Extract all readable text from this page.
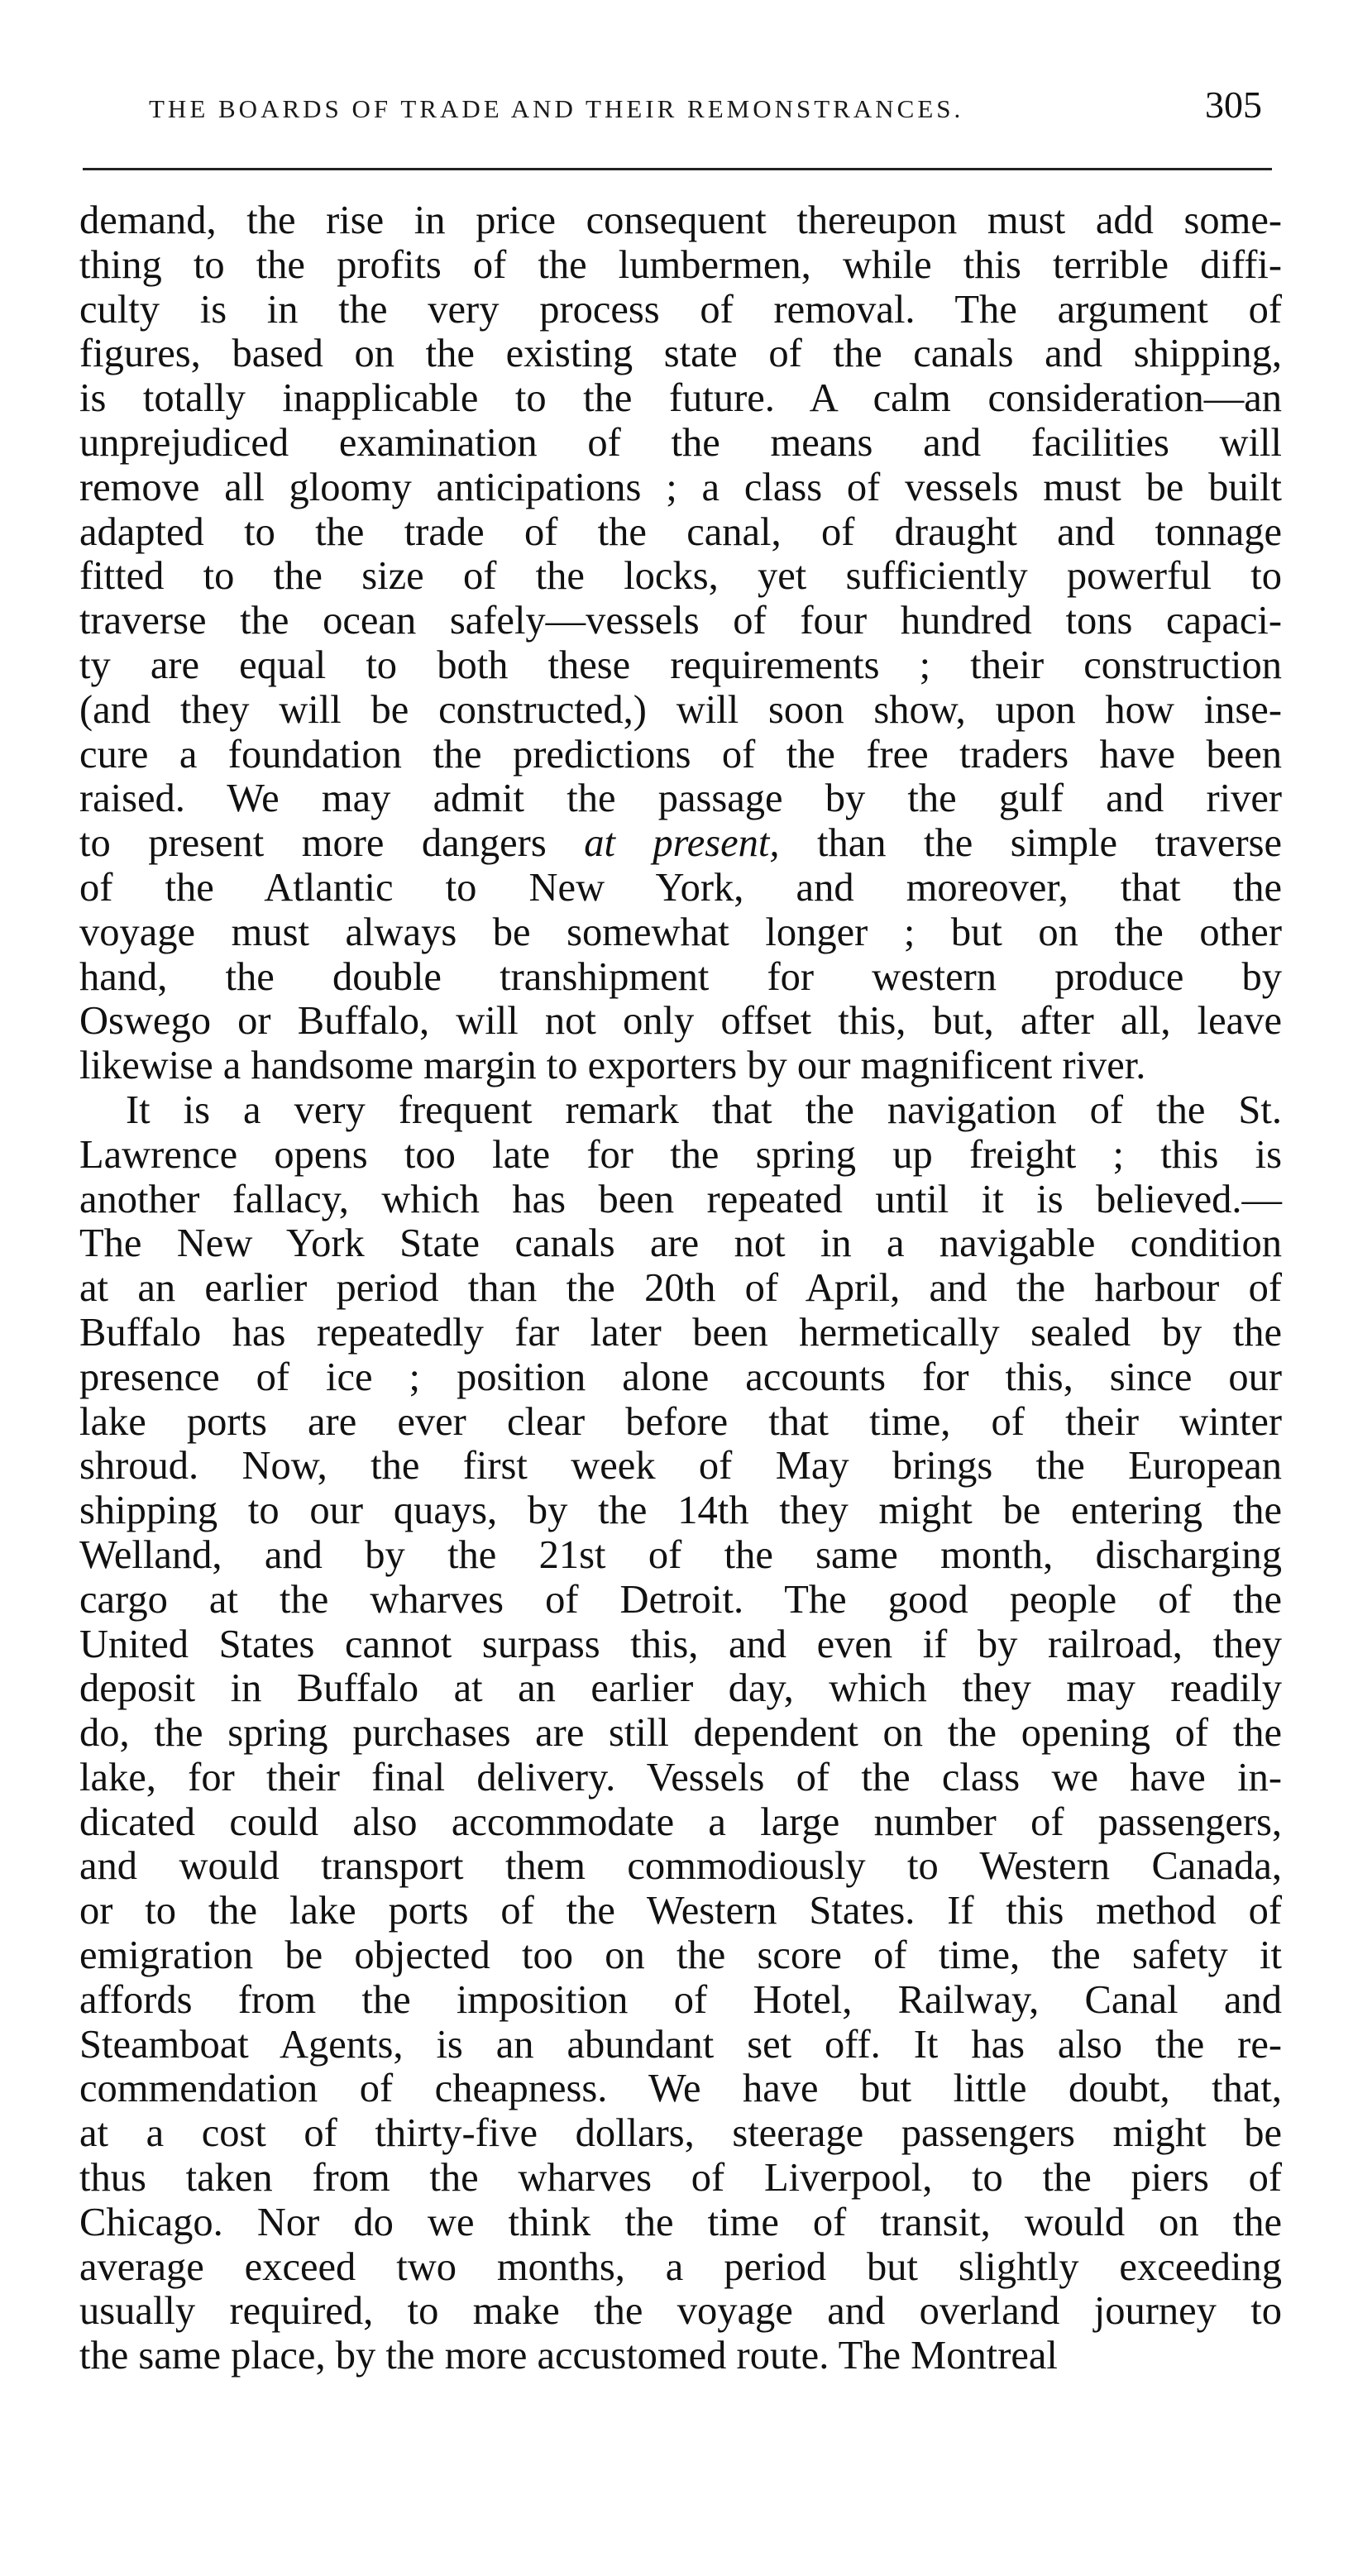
THE BOARDS OF TRADE AND THEIR REMONSTRANCES.	305
demand, the rise in price consequent thereupon must add some-
thing to the profits of the lumbermen, while this terrible diffi-
culty is in the very process of removal. The argument of
figures, based on the existing state of the canals and shipping,
is totally inapplicable to the future. A calm consideration—an
unprejudiced examination of the means and facilities will
remove all gloomy anticipations ; a class of vessels must be built
adapted to the trade of the canal, of draught and tonnage
fitted to the size of the locks, yet sufficiently powerful to
traverse the ocean safely—vessels of four hundred tons capaci-
ty are equal to both these requirements ; their construction
(and they will be constructed,) will soon show, upon how inse-
cure a foundation the predictions of the free traders have been
raised. We may admit the passage by the gulf and river
to present more dangers at present, than the simple traverse
of the Atlantic to New York, and moreover, that the
voyage must always be somewhat longer ; but on the other
hand, the double transhipment for western produce by
Oswego or Buffalo, will not only offset this, but, after all, leave
likewise a handsome margin to exporters by our magnificent river.
It is a very frequent remark that the navigation of the St.
Lawrence opens too late for the spring up freight ; this is
another fallacy, which has been repeated until it is believed.—
The New York State canals are not in a navigable condition
at an earlier period than the 20th of April, and the harbour of
Buffalo has repeatedly far later been hermetically sealed by the
presence of ice ; position alone accounts for this, since our
lake ports are ever clear before that time, of their winter
shroud. Now, the first week of May brings the European
shipping to our quays, by the 14th they might be entering the
Welland, and by the 21st of the same month, discharging
cargo at the wharves of Detroit. The good people of the
United States cannot surpass this, and even if by railroad, they
deposit in Buffalo at an earlier day, which they may readily
do, the spring purchases are still dependent on the opening of the
lake, for their final delivery. Vessels of the class we have in-
dicated could also accommodate a large number of passengers,
and would transport them commodiously to Western Canada,
or to the lake ports of the Western States. If this method of
emigration be objected too on the score of time, the safety it
affords from the imposition of Hotel, Railway, Canal and
Steamboat Agents, is an abundant set off. It has also the re-
commendation of cheapness. We have but little doubt, that,
at a cost of thirty-five dollars, steerage passengers might be
thus taken from the wharves of Liverpool, to the piers of
Chicago. Nor do we think the time of transit, would on the
average exceed two months, a period but slightly exceeding
usually required, to make the voyage and overland journey to
the same place, by the more accustomed route. The Montreal
